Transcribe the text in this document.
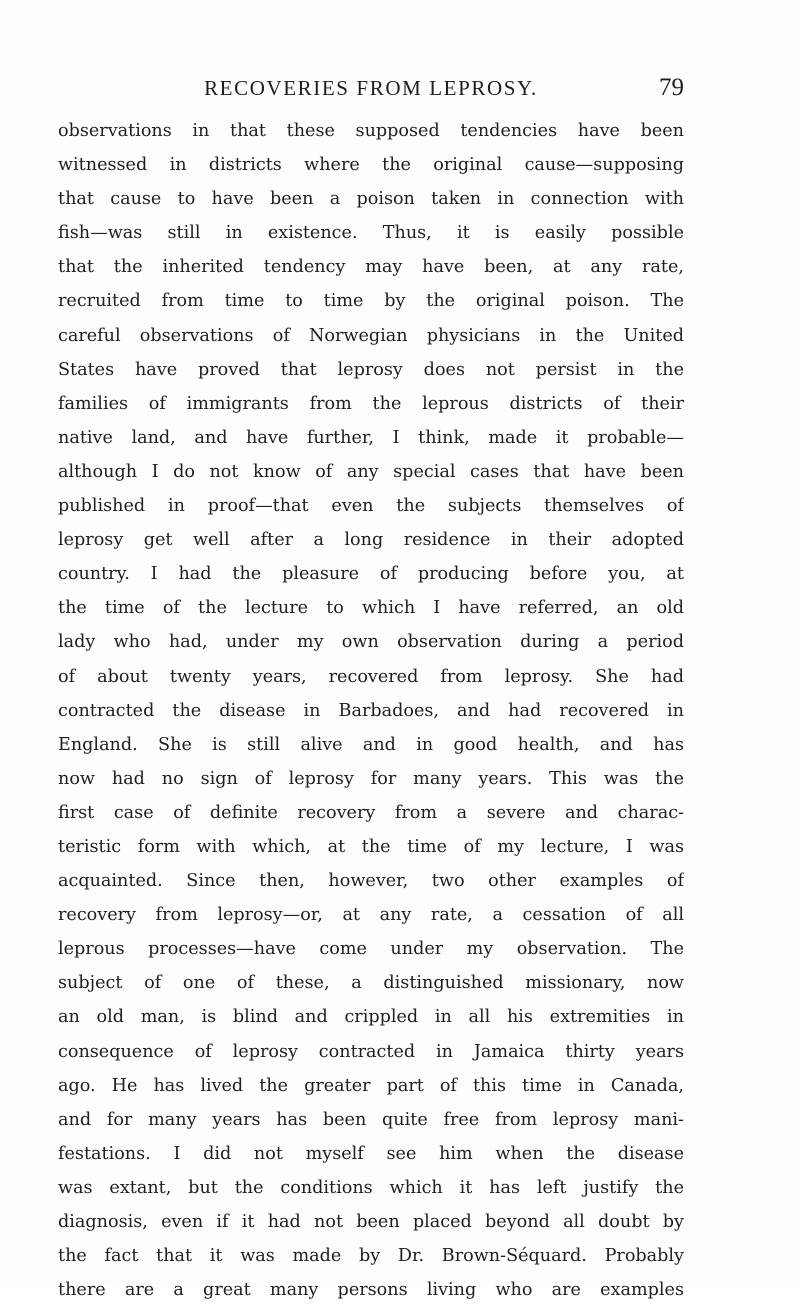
RECOVERIES FROM LEPROSY.	79
observations in that these supposed tendencies have been
witnessed in districts where the original cause—supposing
that cause to have been a poison taken in connection with
fish—was still in existence. Thus, it is easily possible
that the inherited tendency may have been, at any rate,
recruited from time to time by the original poison. The
careful observations of Norwegian physicians in the United
States have proved that leprosy does not persist in the
families of immigrants from the leprous districts of their
native land, and have further, I think, made it probable—
although I do not know of any special cases that have been
published in proof—that even the subjects themselves of
leprosy get well after a long residence in their adopted
country. I had the pleasure of producing before you, at
the time of the lecture to which I have referred, an old
lady who had, under my own observation during a period
of about twenty years, recovered from leprosy. She had
contracted the disease in Barbadoes, and had recovered in
England. She is still alive and in good health, and has
now had no sign of leprosy for many years. This was the
first case of definite recovery from a severe and charac-
teristic form with which, at the time of my lecture, I was
acquainted. Since then, however, two other examples of
recovery from leprosy—or, at any rate, a cessation of all
leprous processes—have come under my observation. The
subject of one of these, a distinguished missionary, now
an old man, is blind and crippled in all his extremities in
consequence of leprosy contracted in Jamaica thirty years
ago. He has lived the greater part of this time in Canada,
and for many years has been quite free from leprosy mani-
festations. I did not myself see him when the disease
was extant, but the conditions which it has left justify the
diagnosis, even if it had not been placed beyond all doubt by
the fact that it was made by Dr. Brown-Séquard. Probably
there are a great many persons living who are examples
